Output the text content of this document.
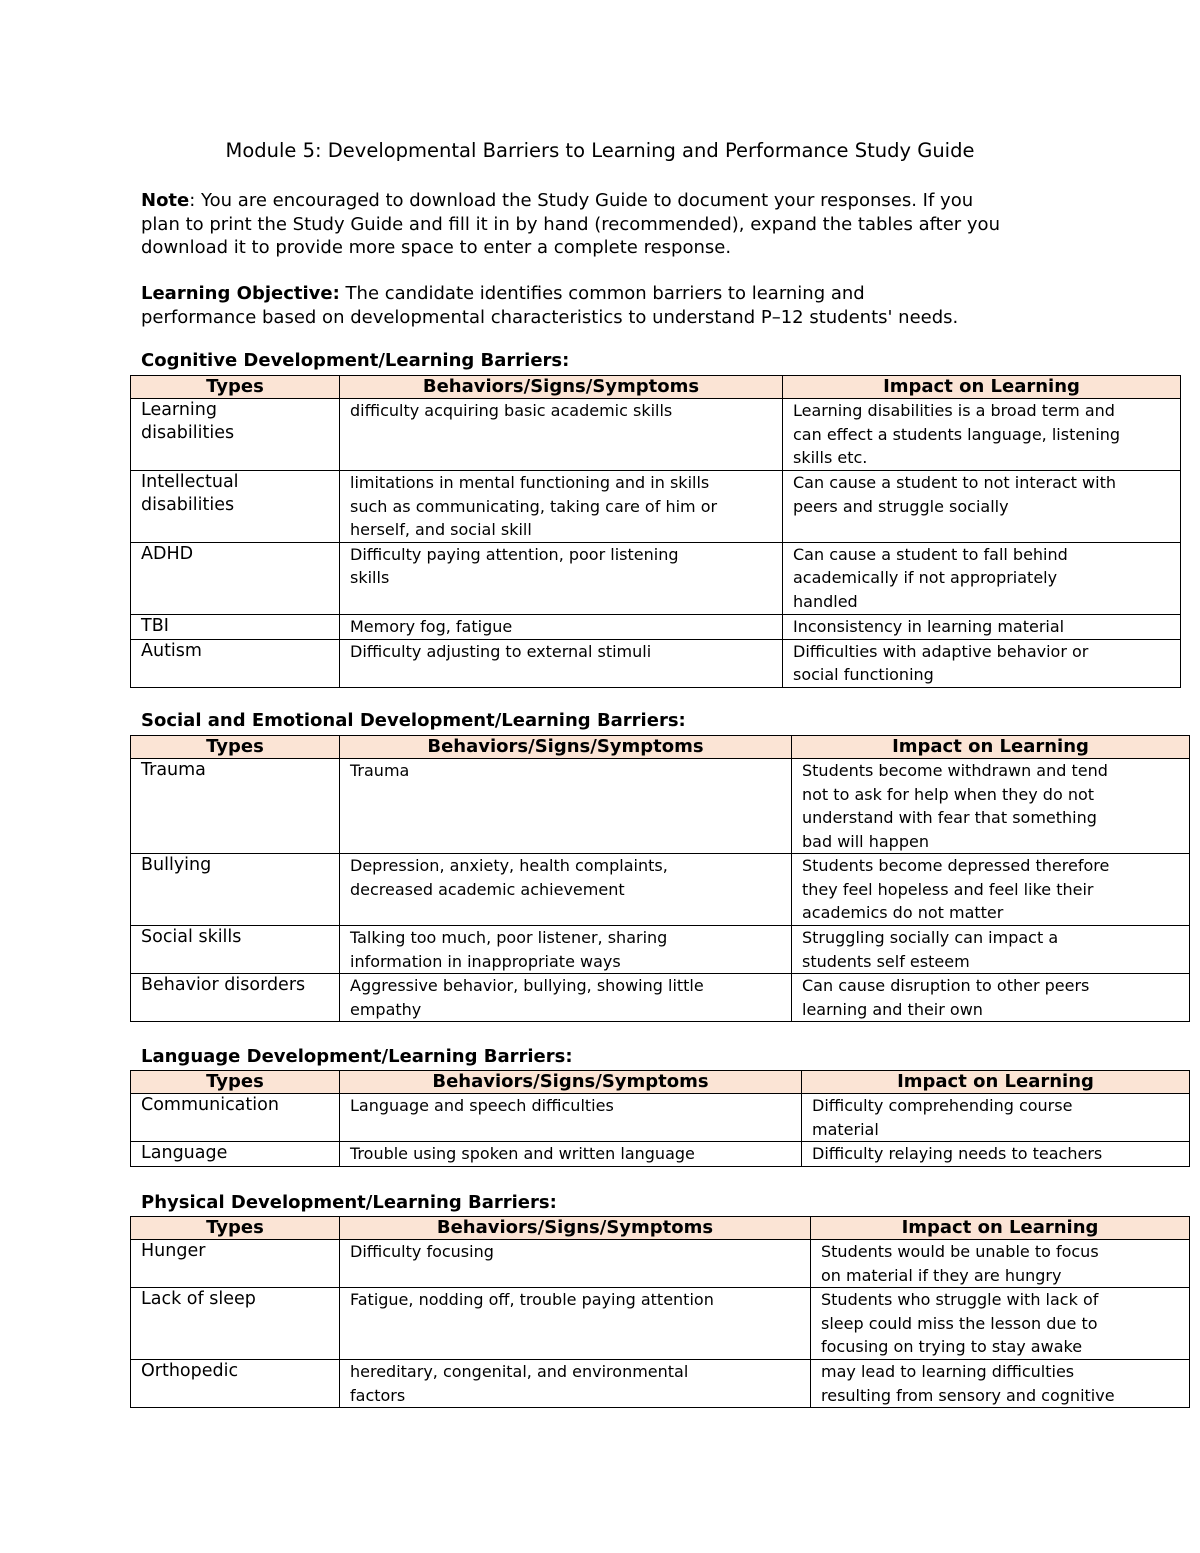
Module 5: Developmental Barriers to Learning and Performance Study Guide
Note: You are encouraged to download the Study Guide to document your responses. If you
plan to print the Study Guide and fill it in by hand (recommended), expand the tables after you
download it to provide more space to enter a complete response.
Learning Objective: The candidate identifies common barriers to learning and
performance based on developmental characteristics to understand P–12 students' needs.
Cognitive Development/Learning Barriers:
Types	Behaviors/Signs/Symptoms	Impact on Learning

Learning
disabilities	difficulty acquiring basic academic skills	Learning disabilities is a broad term and
can effect a students language, listening
skills etc.

Intellectual
disabilities	limitations in mental functioning and in skills
such as communicating, taking care of him or
herself, and social skill	Can cause a student to not interact with
peers and struggle socially

ADHD	Difficulty paying attention, poor listening
skills	Can cause a student to fall behind
academically if not appropriately
handled

TBI	Memory fog, fatigue	Inconsistency in learning material

Autism	Difficulty adjusting to external stimuli	Difficulties with adaptive behavior or
social functioning
Social and Emotional Development/Learning Barriers:
Types	Behaviors/Signs/Symptoms	Impact on Learning

Trauma	Trauma	Students become withdrawn and tend
not to ask for help when they do not
understand with fear that something
bad will happen

Bullying	Depression, anxiety, health complaints,
decreased academic achievement	Students become depressed therefore
they feel hopeless and feel like their
academics do not matter

Social skills	Talking too much, poor listener, sharing
information in inappropriate ways	Struggling socially can impact a
students self esteem

Behavior disorders	Aggressive behavior, bullying, showing little
empathy	Can cause disruption to other peers
learning and their own
Language Development/Learning Barriers:
Types	Behaviors/Signs/Symptoms	Impact on Learning

Communication	Language and speech difficulties	Difficulty comprehending course
material

Language	Trouble using spoken and written language	Difficulty relaying needs to teachers
Physical Development/Learning Barriers:
Types	Behaviors/Signs/Symptoms	Impact on Learning

Hunger	Difficulty focusing	Students would be unable to focus
on material if they are hungry

Lack of sleep	Fatigue, nodding off, trouble paying attention	Students who struggle with lack of
sleep could miss the lesson due to
focusing on trying to stay awake

Orthopedic	hereditary, congenital, and environmental
factors	may lead to learning difficulties
resulting from sensory and cognitive
